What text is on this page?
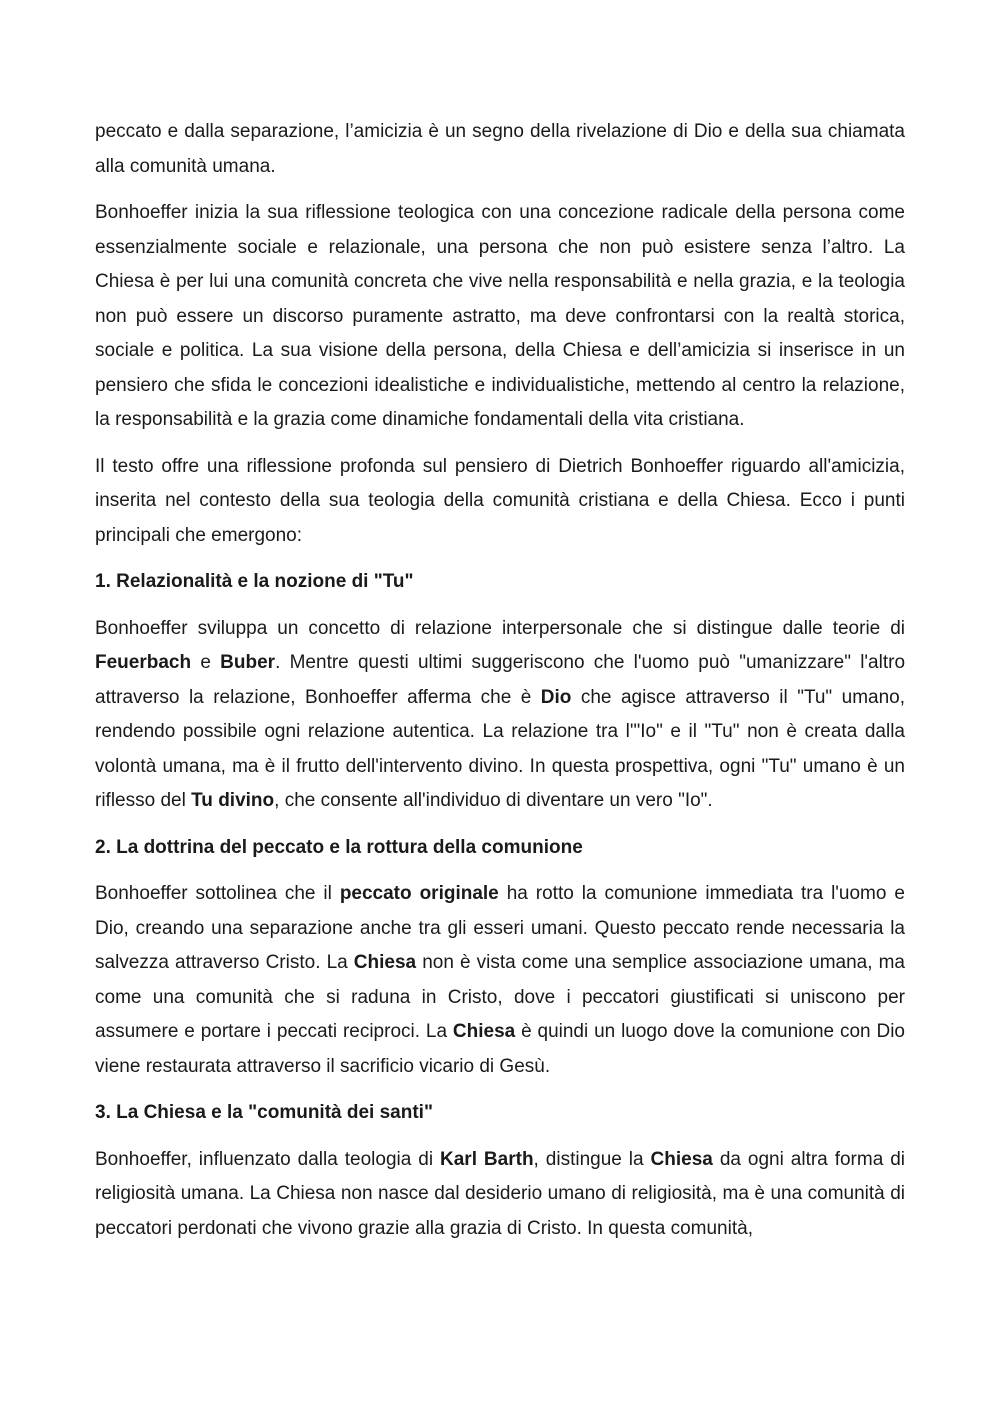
peccato e dalla separazione, l’amicizia è un segno della rivelazione di Dio e della sua chiamata alla comunità umana.

Bonhoeffer inizia la sua riflessione teologica con una concezione radicale della persona come essenzialmente sociale e relazionale, una persona che non può esistere senza l’altro. La Chiesa è per lui una comunità concreta che vive nella responsabilità e nella grazia, e la teologia non può essere un discorso puramente astratto, ma deve confrontarsi con la realtà storica, sociale e politica. La sua visione della persona, della Chiesa e dell’amicizia si inserisce in un pensiero che sfida le concezioni idealistiche e individualistiche, mettendo al centro la relazione, la responsabilità e la grazia come dinamiche fondamentali della vita cristiana.

Il testo offre una riflessione profonda sul pensiero di Dietrich Bonhoeffer riguardo all'amicizia, inserita nel contesto della sua teologia della comunità cristiana e della Chiesa. Ecco i punti principali che emergono:

1. Relazionalità e la nozione di "Tu"

Bonhoeffer sviluppa un concetto di relazione interpersonale che si distingue dalle teorie di Feuerbach e Buber. Mentre questi ultimi suggeriscono che l'uomo può "umanizzare" l'altro attraverso la relazione, Bonhoeffer afferma che è Dio che agisce attraverso il "Tu" umano, rendendo possibile ogni relazione autentica. La relazione tra l'"Io" e il "Tu" non è creata dalla volontà umana, ma è il frutto dell'intervento divino. In questa prospettiva, ogni "Tu" umano è un riflesso del Tu divino, che consente all'individuo di diventare un vero "Io".

2. La dottrina del peccato e la rottura della comunione

Bonhoeffer sottolinea che il peccato originale ha rotto la comunione immediata tra l'uomo e Dio, creando una separazione anche tra gli esseri umani. Questo peccato rende necessaria la salvezza attraverso Cristo. La Chiesa non è vista come una semplice associazione umana, ma come una comunità che si raduna in Cristo, dove i peccatori giustificati si uniscono per assumere e portare i peccati reciproci. La Chiesa è quindi un luogo dove la comunione con Dio viene restaurata attraverso il sacrificio vicario di Gesù.

3. La Chiesa e la "comunità dei santi"

Bonhoeffer, influenzato dalla teologia di Karl Barth, distingue la Chiesa da ogni altra forma di religiosità umana. La Chiesa non nasce dal desiderio umano di religiosità, ma è una comunità di peccatori perdonati che vivono grazie alla grazia di Cristo. In questa comunità,
